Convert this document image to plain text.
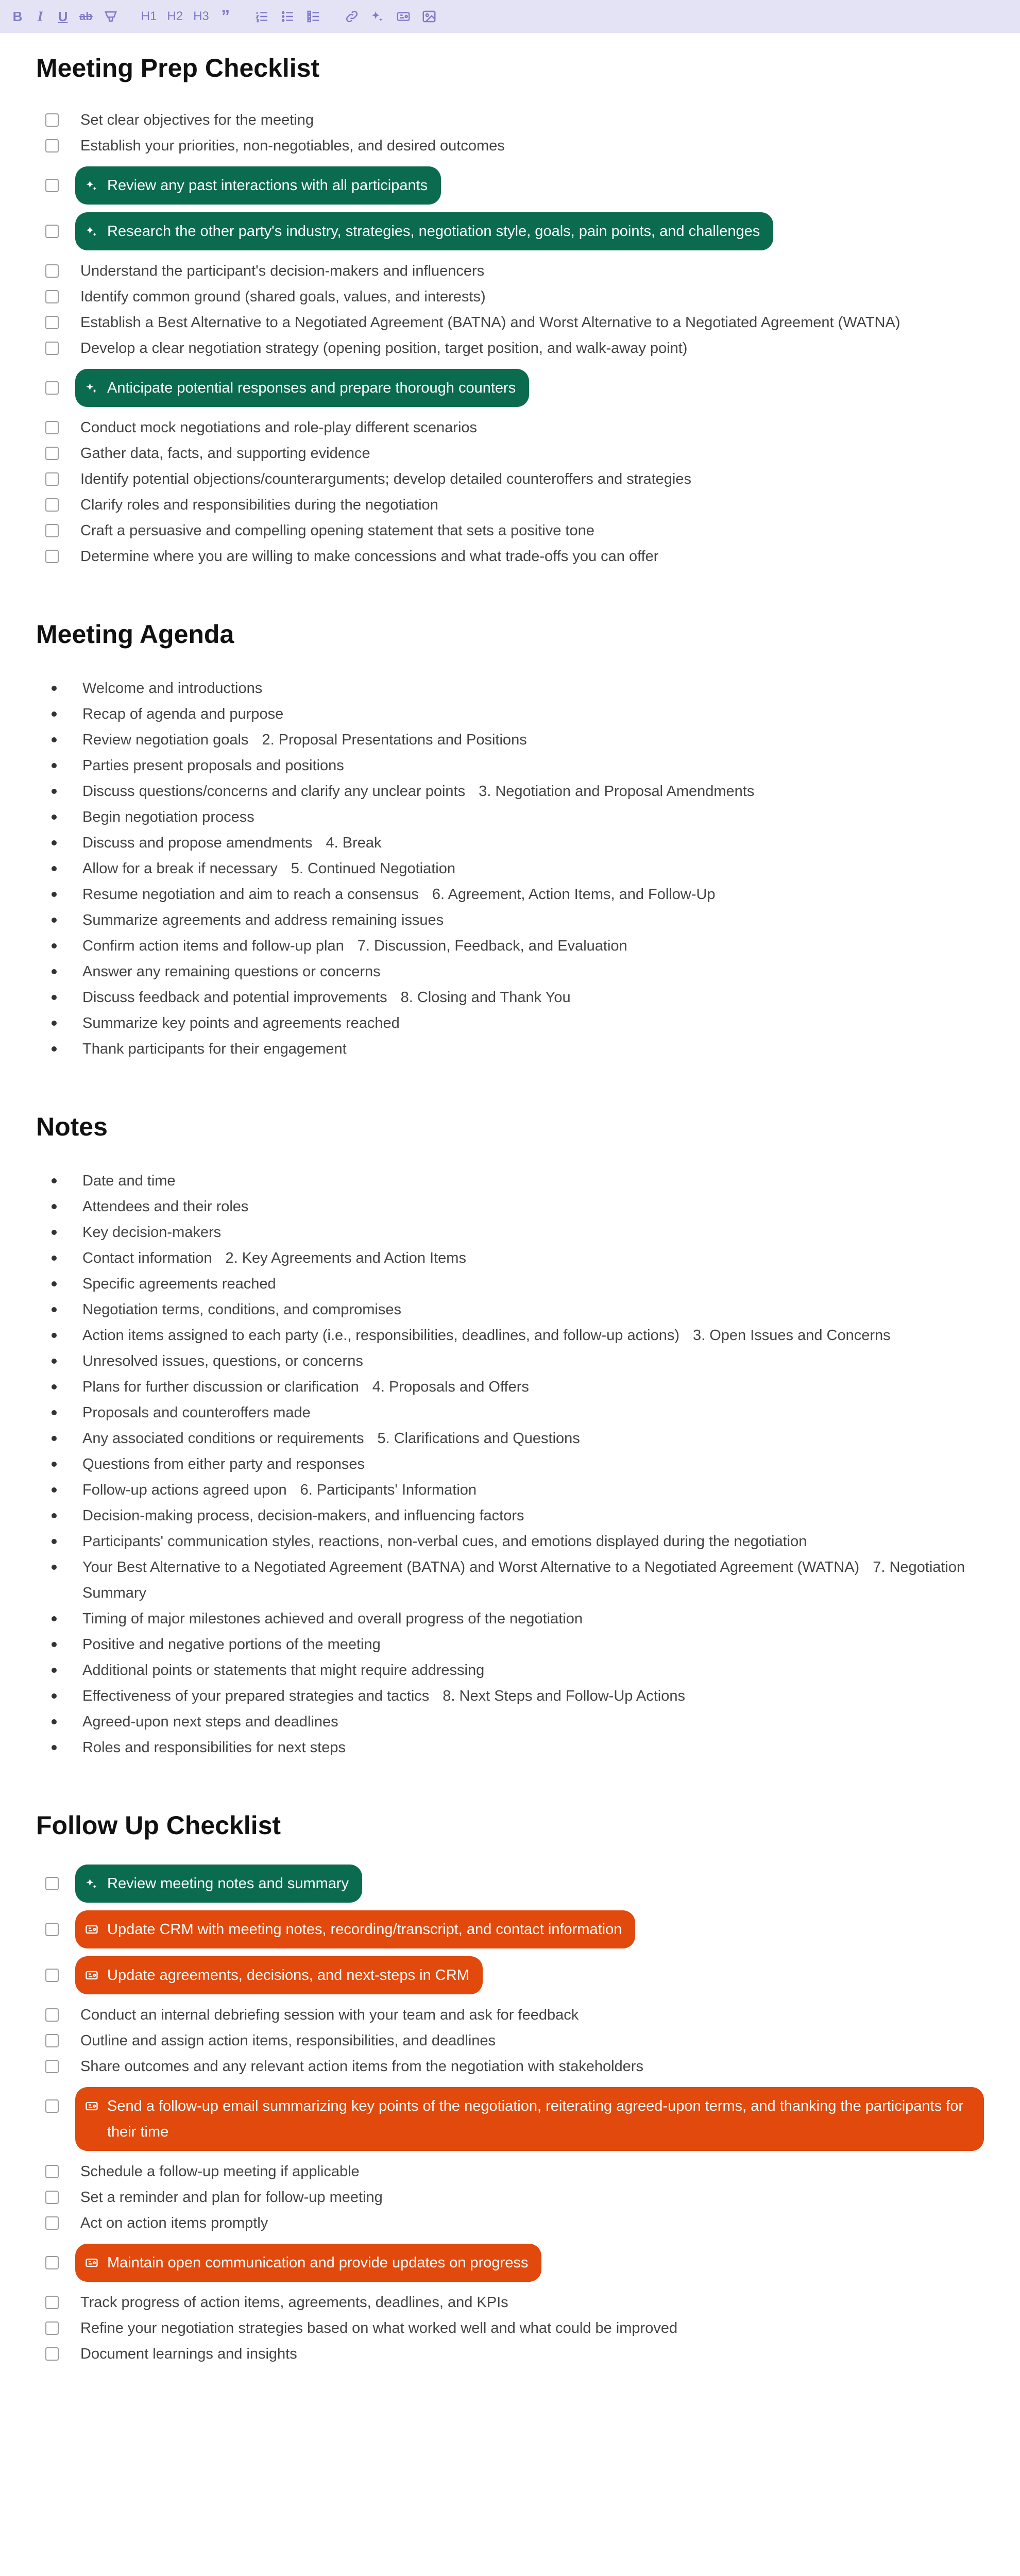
B I U ab	H1 H2 H3 ”
Meeting Prep Checklist
Set clear objectives for the meeting
Establish your priorities, non-negotiables, and desired outcomes
Review any past interactions with all participants
Research the other party's industry, strategies, negotiation style, goals, pain points, and challenges
Understand the participant's decision-makers and influencers
Identify common ground (shared goals, values, and interests)
Establish a Best Alternative to a Negotiated Agreement (BATNA) and Worst Alternative to a Negotiated Agreement (WATNA)
Develop a clear negotiation strategy (opening position, target position, and walk-away point)
Anticipate potential responses and prepare thorough counters
Conduct mock negotiations and role-play different scenarios
Gather data, facts, and supporting evidence
Identify potential objections/counterarguments; develop detailed counteroffers and strategies
Clarify roles and responsibilities during the negotiation
Craft a persuasive and compelling opening statement that sets a positive tone
Determine where you are willing to make concessions and what trade-offs you can offer
Meeting Agenda
Welcome and introductions
Recap of agenda and purpose
Review negotiation goals 2. Proposal Presentations and Positions
Parties present proposals and positions
Discuss questions/concerns and clarify any unclear points 3. Negotiation and Proposal Amendments
Begin negotiation process
Discuss and propose amendments 4. Break
Allow for a break if necessary 5. Continued Negotiation
Resume negotiation and aim to reach a consensus 6. Agreement, Action Items, and Follow-Up
Summarize agreements and address remaining issues
Confirm action items and follow-up plan 7. Discussion, Feedback, and Evaluation
Answer any remaining questions or concerns
Discuss feedback and potential improvements 8. Closing and Thank You
Summarize key points and agreements reached
Thank participants for their engagement
Notes
Date and time
Attendees and their roles
Key decision-makers
Contact information 2. Key Agreements and Action Items
Specific agreements reached
Negotiation terms, conditions, and compromises
Action items assigned to each party (i.e., responsibilities, deadlines, and follow-up actions) 3. Open Issues and Concerns
Unresolved issues, questions, or concerns
Plans for further discussion or clarification 4. Proposals and Offers
Proposals and counteroffers made
Any associated conditions or requirements 5. Clarifications and Questions
Questions from either party and responses
Follow-up actions agreed upon 6. Participants' Information
Decision-making process, decision-makers, and influencing factors
Participants' communication styles, reactions, non-verbal cues, and emotions displayed during the negotiation
Your Best Alternative to a Negotiated Agreement (BATNA) and Worst Alternative to a Negotiated Agreement (WATNA) 7. Negotiation Summary
Timing of major milestones achieved and overall progress of the negotiation
Positive and negative portions of the meeting
Additional points or statements that might require addressing
Effectiveness of your prepared strategies and tactics 8. Next Steps and Follow-Up Actions
Agreed-upon next steps and deadlines
Roles and responsibilities for next steps
Follow Up Checklist
Review meeting notes and summary
Update CRM with meeting notes, recording/transcript, and contact information
Update agreements, decisions, and next-steps in CRM
Conduct an internal debriefing session with your team and ask for feedback
Outline and assign action items, responsibilities, and deadlines
Share outcomes and any relevant action items from the negotiation with stakeholders
Send a follow-up email summarizing key points of the negotiation, reiterating agreed-upon terms, and thanking the participants for their time
Schedule a follow-up meeting if applicable
Set a reminder and plan for follow-up meeting
Act on action items promptly
Maintain open communication and provide updates on progress
Track progress of action items, agreements, deadlines, and KPIs
Refine your negotiation strategies based on what worked well and what could be improved
Document learnings and insights
